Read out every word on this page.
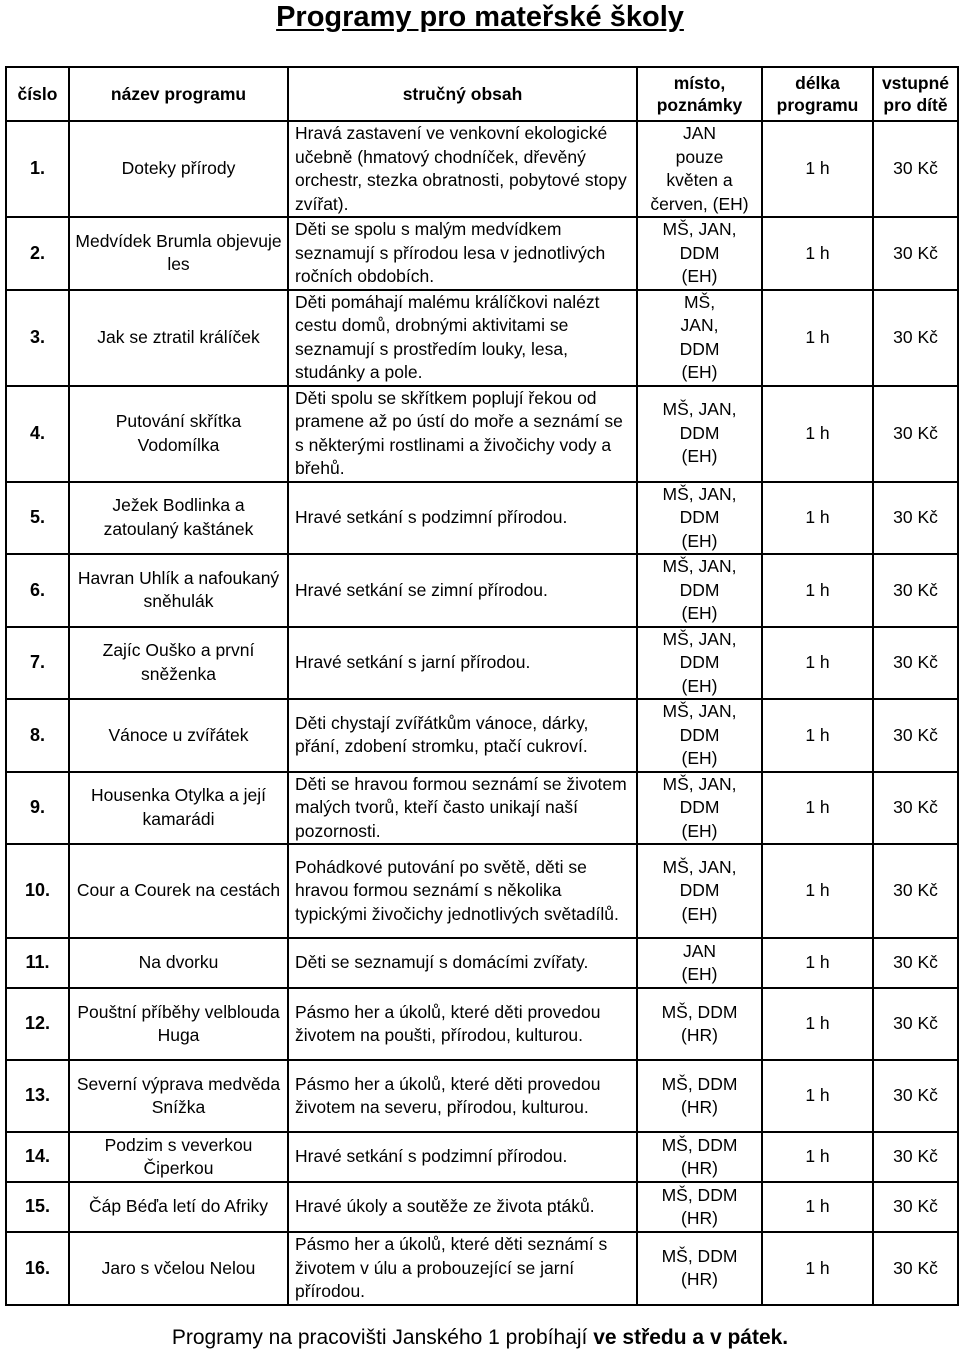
Programy pro mateřské školy
číslo	název programu	stručný obsah	místo, poznámky	délka programu	vstupné pro dítě
1.	Doteky přírody	Hravá zastavení ve venkovní ekologické učebně (hmatový chodníček, dřevěný orchestr, stezka obratnosti, pobytové stopy zvířat).	JAN
pouze
květen a
červen, (EH)	1 h	30 Kč
2.	Medvídek Brumla objevuje les	Děti se spolu s malým medvídkem seznamují s přírodou lesa v jednotlivých ročních obdobích.	MŠ, JAN,
DDM
(EH)	1 h	30 Kč
3.	Jak se ztratil králíček	Děti pomáhají malému králíčkovi nalézt cestu domů, drobnými aktivitami se seznamují s prostředím louky, lesa, studánky a pole.	MŠ,
JAN,
DDM
(EH)	1 h	30 Kč
4.	Putování skřítka Vodomílka	Děti spolu se skřítkem poplují řekou od pramene až po ústí do moře a seznámí se s některými rostlinami a živočichy vody a břehů.	MŠ, JAN,
DDM
(EH)	1 h	30 Kč
5.	Ježek Bodlinka a zatoulaný kaštánek	Hravé setkání s podzimní přírodou.	MŠ, JAN,
DDM
(EH)	1 h	30 Kč
6.	Havran Uhlík a nafoukaný sněhulák	Hravé setkání se zimní přírodou.	MŠ, JAN,
DDM
(EH)	1 h	30 Kč
7.	Zajíc Ouško a první sněženka	Hravé setkání s jarní přírodou.	MŠ, JAN,
DDM
(EH)	1 h	30 Kč
8.	Vánoce u zvířátek	Děti chystají zvířátkům vánoce, dárky, přání, zdobení stromku, ptačí cukroví.	MŠ, JAN,
DDM
(EH)	1 h	30 Kč
9.	Housenka Otylka a její kamarádi	Děti se hravou formou seznámí se životem malých tvorů, kteří často unikají naší pozornosti.	MŠ, JAN,
DDM
(EH)	1 h	30 Kč
10.	Cour a Courek na cestách	Pohádkové putování po světě, děti se hravou formou seznámí s několika typickými živočichy jednotlivých světadílů.	MŠ, JAN,
DDM
(EH)	1 h	30 Kč
11.	Na dvorku	Děti se seznamují s domácími zvířaty.	JAN
(EH)	1 h	30 Kč
12.	Pouštní příběhy velblouda Huga	Pásmo her a úkolů, které děti provedou životem na poušti, přírodou, kulturou.	MŠ, DDM
(HR)	1 h	30 Kč
13.	Severní výprava medvěda Snížka	Pásmo her a úkolů, které děti provedou životem na severu, přírodou, kulturou.	MŠ, DDM
(HR)	1 h	30 Kč
14.	Podzim s veverkou Čiperkou	Hravé setkání s podzimní přírodou.	MŠ, DDM
(HR)	1 h	30 Kč
15.	Čáp Béďa letí do Afriky	Hravé úkoly a soutěže ze života ptáků.	MŠ, DDM
(HR)	1 h	30 Kč
16.	Jaro s včelou Nelou	Pásmo her a úkolů, které děti seznámí s životem v úlu a probouzející se jarní přírodou.	MŠ, DDM
(HR)	1 h	30 Kč
Programy na pracovišti Janského 1 probíhají ve středu a v pátek.
